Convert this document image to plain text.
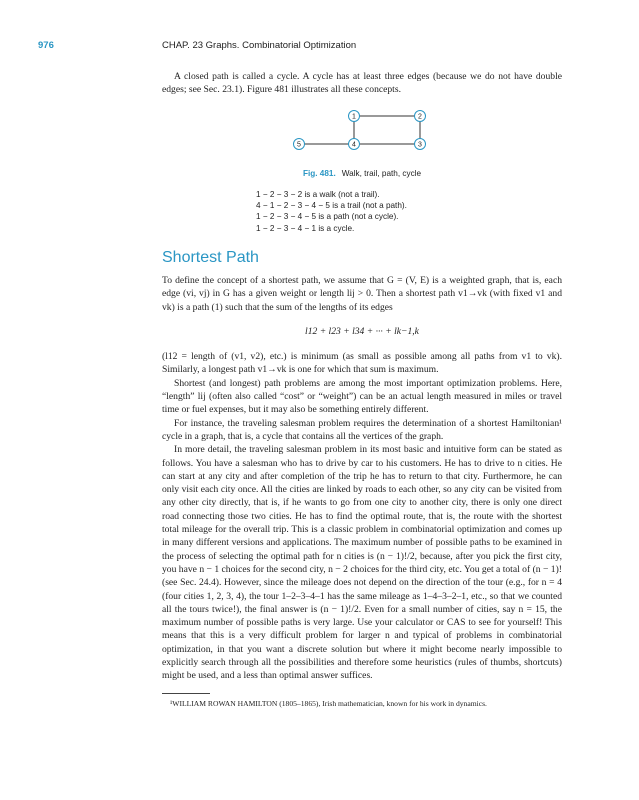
976	CHAP. 23 Graphs. Combinatorial Optimization

A closed path is called a cycle. A cycle has at least three edges (because we do not have double edges; see Sec. 23.1). Figure 481 illustrates all these concepts.

1	2
3
4
5
Fig. 481. Walk, trail, path, cycle
1 − 2 − 3 − 2 is a walk (not a trail).
4 − 1 − 2 − 3 − 4 − 5 is a trail (not a path).
1 − 2 − 3 − 4 − 5 is a path (not a cycle).
1 − 2 − 3 − 4 − 1 is a cycle.
Shortest Path

To define the concept of a shortest path, we assume that G = (V, E) is a weighted graph, that is, each edge (vi, vj) in G has a given weight or length lij > 0. Then a shortest path v1→vk (with fixed v1 and vk) is a path (1) such that the sum of the lengths of its edges

l12 + l23 + l34 + ··· + lk−1,k

(l12 = length of (v1, v2), etc.) is minimum (as small as possible among all paths from v1 to vk). Similarly, a longest path v1→vk is one for which that sum is maximum.

Shortest (and longest) path problems are among the most important optimization problems. Here, “length” lij (often also called “cost” or “weight”) can be an actual length measured in miles or travel time or fuel expenses, but it may also be something entirely different.

For instance, the traveling salesman problem requires the determination of a shortest Hamiltonian¹ cycle in a graph, that is, a cycle that contains all the vertices of the graph.

In more detail, the traveling salesman problem in its most basic and intuitive form can be stated as follows. You have a salesman who has to drive by car to his customers. He has to drive to n cities. He can start at any city and after completion of the trip he has to return to that city. Furthermore, he can only visit each city once. All the cities are linked by roads to each other, so any city can be visited from any other city directly, that is, if he wants to go from one city to another city, there is only one direct road connecting those two cities. He has to find the optimal route, that is, the route with the shortest total mileage for the overall trip. This is a classic problem in combinatorial optimization and comes up in many different versions and applications. The maximum number of possible paths to be examined in the process of selecting the optimal path for n cities is (n − 1)!/2, because, after you pick the first city, you have n − 1 choices for the second city, n − 2 choices for the third city, etc. You get a total of (n − 1)! (see Sec. 24.4). However, since the mileage does not depend on the direction of the tour (e.g., for n = 4 (four cities 1, 2, 3, 4), the tour 1–2–3–4–1 has the same mileage as 1–4–3–2–1, etc., so that we counted all the tours twice!), the final answer is (n − 1)!/2. Even for a small number of cities, say n = 15, the maximum number of possible paths is very large. Use your calculator or CAS to see for yourself! This means that this is a very difficult problem for larger n and typical of problems in combinatorial optimization, in that you want a discrete solution but where it might become nearly impossible to explicitly search through all the possibilities and therefore some heuristics (rules of thumbs, shortcuts) might be used, and a less than optimal answer suffices.

¹WILLIAM ROWAN HAMILTON (1805–1865), Irish mathematician, known for his work in dynamics.
